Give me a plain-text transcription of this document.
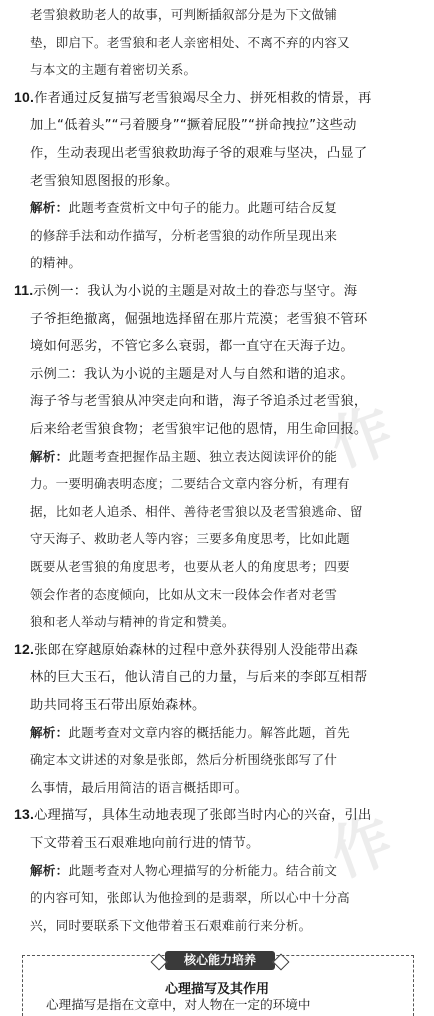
老雪狼救助老人的故事，可判断插叙部分是为下文做铺
垫，即启下。老雪狼和老人亲密相处、不离不弃的内容又
与本文的主题有着密切关系。
10.作者通过反复描写老雪狼竭尽全力、拼死相救的情景，再
加上“低着头”“弓着腰身”“撅着屁股”“拼命拽拉”这些动
作，生动表现出老雪狼救助海子爷的艰难与坚决，凸显了
老雪狼知恩图报的形象。
解析：此题考查赏析文中句子的能力。此题可结合反复
的修辞手法和动作描写，分析老雪狼的动作所呈现出来
的精神。
11.示例一：我认为小说的主题是对故土的眷恋与坚守。海
子爷拒绝撤离，倔强地选择留在那片荒漠；老雪狼不管环
境如何恶劣，不管它多么衰弱，都一直守在天海子边。
示例二：我认为小说的主题是对人与自然和谐的追求。
海子爷与老雪狼从冲突走向和谐，海子爷追杀过老雪狼，
后来给老雪狼食物；老雪狼牢记他的恩情，用生命回报。
解析：此题考查把握作品主题、独立表达阅读评价的能
力。一要明确表明态度；二要结合文章内容分析，有理有
据，比如老人追杀、相伴、善待老雪狼以及老雪狼逃命、留
守天海子、救助老人等内容；三要多角度思考，比如此题
既要从老雪狼的角度思考，也要从老人的角度思考；四要
领会作者的态度倾向，比如从文末一段体会作者对老雪
狼和老人举动与精神的肯定和赞美。
12.张郎在穿越原始森林的过程中意外获得别人没能带出森
林的巨大玉石，他认清自己的力量，与后来的李郎互相帮
助共同将玉石带出原始森林。
解析：此题考查对文章内容的概括能力。解答此题，首先
确定本文讲述的对象是张郎，然后分析围绕张郎写了什
么事情，最后用简洁的语言概括即可。
13.心理描写，具体生动地表现了张郎当时内心的兴奋，引出
下文带着玉石艰难地向前行进的情节。
解析：此题考查对人物心理描写的分析能力。结合前文
的内容可知，张郎认为他捡到的是翡翠，所以心中十分高
兴，同时要联系下文他带着玉石艰难前行来分析。
作
作
核心能力培养
心理描写及其作用
心理描写是指在文章中，对人物在一定的环境中
